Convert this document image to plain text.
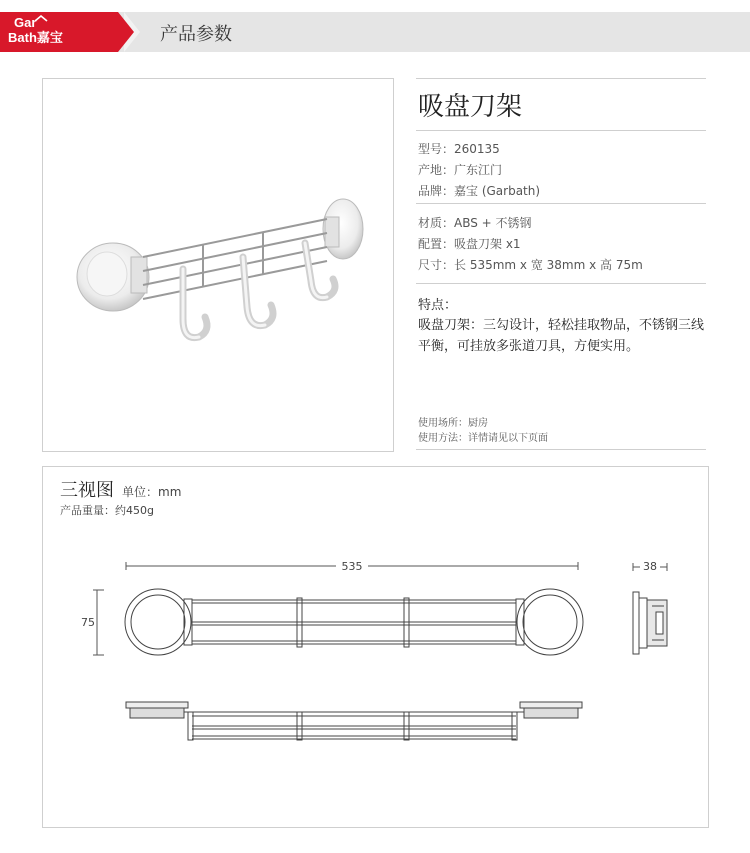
Gar
Bath嘉宝	产品参数
吸盘刀架
型号：260135
产地：广东江门
品牌：嘉宝 (Garbath)
材质：ABS + 不锈钢
配置：吸盘刀架 x1
尺寸：长 535mm x 宽 38mm x 高 75m
特点：
吸盘刀架：三勾设计，轻松挂取物品，不锈钢三线平衡，可挂放多张道刀具，方便实用。
使用场所：厨房
使用方法：详情请见以下页面
三视图 单位：mm
产品重量：约450g
535
75
38
